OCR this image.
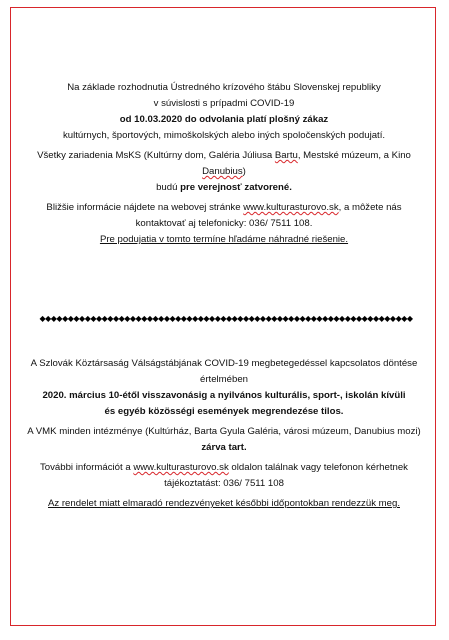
Na základe rozhodnutia Ústredného krízového štábu Slovenskej republiky
v súvislosti s prípadmi COVID-19
od 10.03.2020 do odvolania platí plošný zákaz
kultúrnych, športových, mimoškolských alebo iných spoločenských podujatí.

Všetky zariadenia MsKS (Kultúrny dom, Galéria Júliusa Bartu, Mestské múzeum, a Kino Danubius)
budú pre verejnosť zatvorené.

Bližšie informácie nájdete na webovej stránke www.kulturasturovo.sk, a môžete nás kontaktovať aj telefonicky: 036/ 7511 108.
Pre podujatia v tomto termíne hľadáme náhradné riešenie.

◆◆◆◆◆◆◆◆◆◆◆◆◆◆◆◆◆◆◆◆◆◆◆◆◆◆◆◆◆◆◆◆◆◆◆◆◆◆◆◆◆◆◆◆◆◆◆◆◆◆◆◆◆◆◆◆◆◆◆◆◆◆◆◆◆◆

A Szlovák Köztársaság Válságstábjának COVID-19 megbetegedéssel kapcsolatos döntése értelmében
2020. március 10-étől visszavonásig a nyilvános kulturális, sport-, iskolán kívüli
és egyéb közösségi események megrendezése tilos.

A VMK minden intézménye (Kultúrház, Barta Gyula Galéria, városi múzeum, Danubius mozi) zárva tart.

További információt a www.kulturasturovo.sk oldalon találnak vagy telefonon kérhetnek tájékoztatást: 036/ 7511 108

Az rendelet miatt elmaradó rendezvényeket későbbi időpontokban rendezzük meg.
